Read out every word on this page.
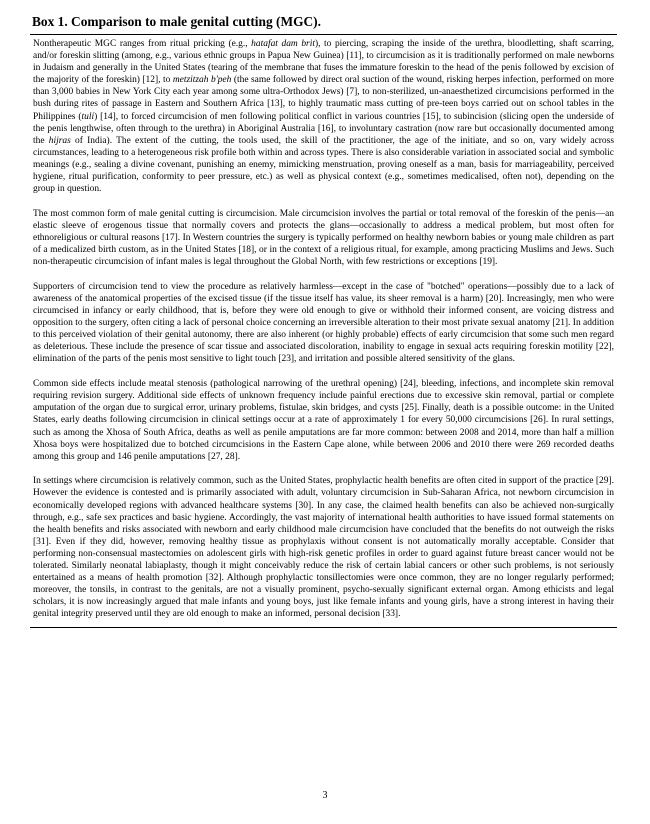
Box 1. Comparison to male genital cutting (MGC).

Nontherapeutic MGC ranges from ritual pricking (e.g., hatafat dam brit), to piercing, scraping the inside of the urethra, bloodletting, shaft scarring, and/or foreskin slitting (among, e.g., various ethnic groups in Papua New Guinea) [11], to circumcision as it is traditionally performed on male newborns in Judaism and generally in the United States (tearing of the membrane that fuses the immature foreskin to the head of the penis followed by excision of the majority of the foreskin) [12], to metzitzah b'peh (the same followed by direct oral suction of the wound, risking herpes infection, performed on more than 3,000 babies in New York City each year among some ultra-Orthodox Jews) [7], to non-sterilized, un-anaesthetized circumcisions performed in the bush during rites of passage in Eastern and Southern Africa [13], to highly traumatic mass cutting of pre-teen boys carried out on school tables in the Philippines (tuli) [14], to forced circumcision of men following political conflict in various countries [15], to subincision (slicing open the underside of the penis lengthwise, often through to the urethra) in Aboriginal Australia [16], to involuntary castration (now rare but occasionally documented among the hijras of India). The extent of the cutting, the tools used, the skill of the practitioner, the age of the initiate, and so on, vary widely across circumstances, leading to a heterogeneous risk profile both within and across types. There is also considerable variation in associated social and symbolic meanings (e.g., sealing a divine covenant, punishing an enemy, mimicking menstruation, proving oneself as a man, basis for marriageability, perceived hygiene, ritual purification, conformity to peer pressure, etc.) as well as physical context (e.g., sometimes medicalised, often not), depending on the group in question.

The most common form of male genital cutting is circumcision. Male circumcision involves the partial or total removal of the foreskin of the penis—an elastic sleeve of erogenous tissue that normally covers and protects the glans—occasionally to address a medical problem, but most often for ethnoreligious or cultural reasons [17]. In Western countries the surgery is typically performed on healthy newborn babies or young male children as part of a medicalized birth custom, as in the United States [18], or in the context of a religious ritual, for example, among practicing Muslims and Jews. Such non-therapeutic circumcision of infant males is legal throughout the Global North, with few restrictions or exceptions [19].

Supporters of circumcision tend to view the procedure as relatively harmless—except in the case of "botched" operations—possibly due to a lack of awareness of the anatomical properties of the excised tissue (if the tissue itself has value, its sheer removal is a harm) [20]. Increasingly, men who were circumcised in infancy or early childhood, that is, before they were old enough to give or withhold their informed consent, are voicing distress and opposition to the surgery, often citing a lack of personal choice concerning an irreversible alteration to their most private sexual anatomy [21]. In addition to this perceived violation of their genital autonomy, there are also inherent (or highly probable) effects of early circumcision that some such men regard as deleterious. These include the presence of scar tissue and associated discoloration, inability to engage in sexual acts requiring foreskin motility [22], elimination of the parts of the penis most sensitive to light touch [23], and irritation and possible altered sensitivity of the glans.

Common side effects include meatal stenosis (pathological narrowing of the urethral opening) [24], bleeding, infections, and incomplete skin removal requiring revision surgery. Additional side effects of unknown frequency include painful erections due to excessive skin removal, partial or complete amputation of the organ due to surgical error, urinary problems, fistulae, skin bridges, and cysts [25]. Finally, death is a possible outcome: in the United States, early deaths following circumcision in clinical settings occur at a rate of approximately 1 for every 50,000 circumcisions [26]. In rural settings, such as among the Xhosa of South Africa, deaths as well as penile amputations are far more common: between 2008 and 2014, more than half a million Xhosa boys were hospitalized due to botched circumcisions in the Eastern Cape alone, while between 2006 and 2010 there were 269 recorded deaths among this group and 146 penile amputations [27, 28].

In settings where circumcision is relatively common, such as the United States, prophylactic health benefits are often cited in support of the practice [29]. However the evidence is contested and is primarily associated with adult, voluntary circumcision in Sub-Saharan Africa, not newborn circumcision in economically developed regions with advanced healthcare systems [30]. In any case, the claimed health benefits can also be achieved non-surgically through, e.g., safe sex practices and basic hygiene. Accordingly, the vast majority of international health authorities to have issued formal statements on the health benefits and risks associated with newborn and early childhood male circumcision have concluded that the benefits do not outweigh the risks [31]. Even if they did, however, removing healthy tissue as prophylaxis without consent is not automatically morally acceptable. Consider that performing non-consensual mastectomies on adolescent girls with high-risk genetic profiles in order to guard against future breast cancer would not be tolerated. Similarly neonatal labiaplasty, though it might conceivably reduce the risk of certain labial cancers or other such problems, is not seriously entertained as a means of health promotion [32]. Although prophylactic tonsillectomies were once common, they are no longer regularly performed; moreover, the tonsils, in contrast to the genitals, are not a visually prominent, psycho-sexually significant external organ. Among ethicists and legal scholars, it is now increasingly argued that male infants and young boys, just like female infants and young girls, have a strong interest in having their genital integrity preserved until they are old enough to make an informed, personal decision [33].

3
